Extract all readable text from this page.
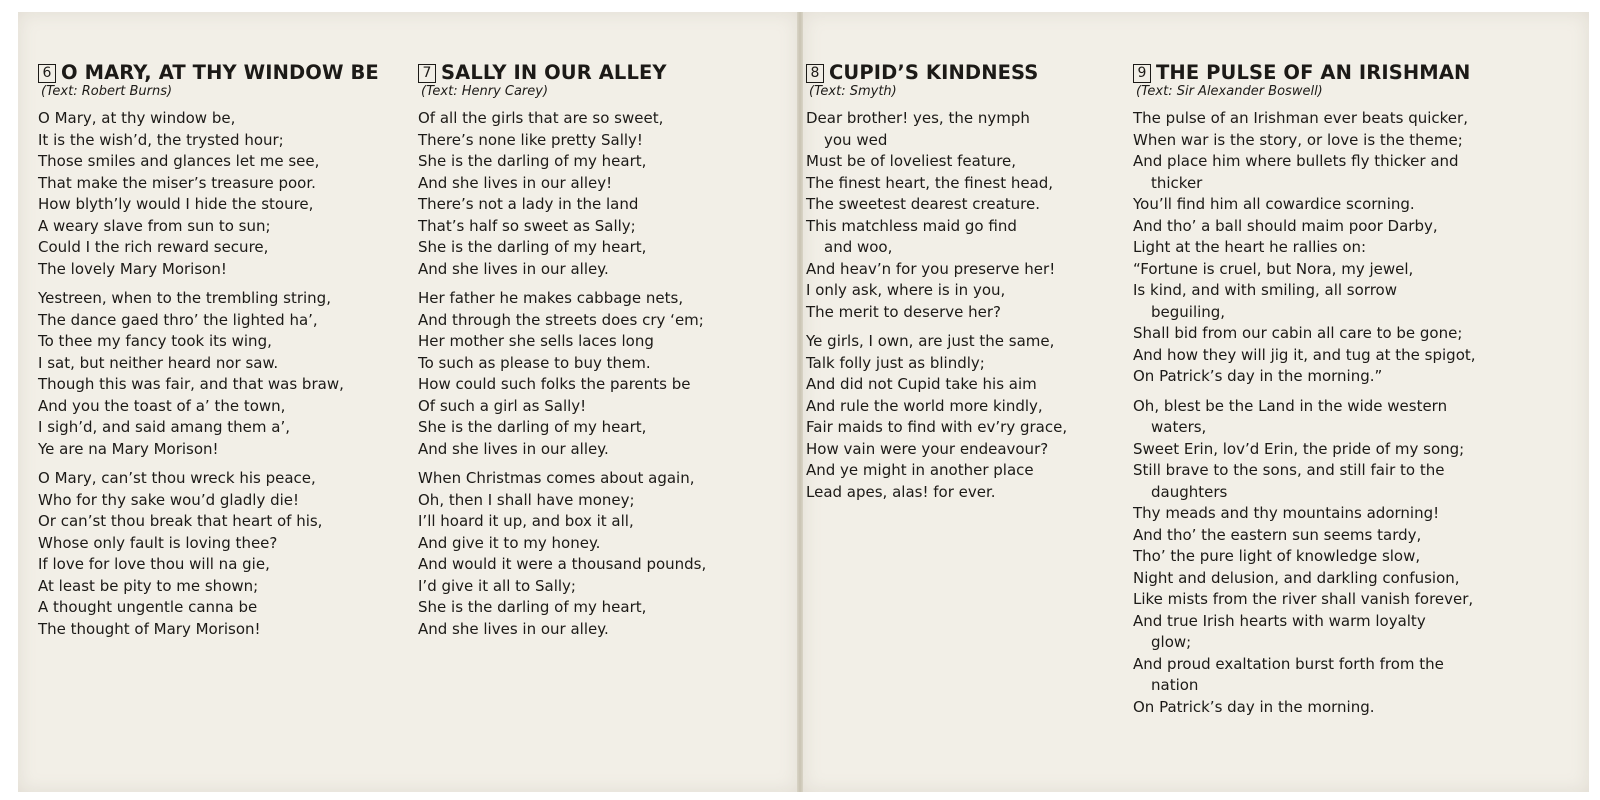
6 O MARY, AT THY WINDOW BE
(Text: Robert Burns)
O Mary, at thy window be,
It is the wish’d, the trysted hour;
Those smiles and glances let me see,
That make the miser’s treasure poor.
How blyth’ly would I hide the stoure,
A weary slave from sun to sun;
Could I the rich reward secure,
The lovely Mary Morison!
Yestreen, when to the trembling string,
The dance gaed thro’ the lighted ha’,
To thee my fancy took its wing,
I sat, but neither heard nor saw.
Though this was fair, and that was braw,
And you the toast of a’ the town,
I sigh’d, and said amang them a’,
Ye are na Mary Morison!
O Mary, can’st thou wreck his peace,
Who for thy sake wou’d gladly die!
Or can’st thou break that heart of his,
Whose only fault is loving thee?
If love for love thou will na gie,
At least be pity to me shown;
A thought ungentle canna be
The thought of Mary Morison!
7 SALLY IN OUR ALLEY
(Text: Henry Carey)
Of all the girls that are so sweet,
There’s none like pretty Sally!
She is the darling of my heart,
And she lives in our alley!
There’s not a lady in the land
That’s half so sweet as Sally;
She is the darling of my heart,
And she lives in our alley.
Her father he makes cabbage nets,
And through the streets does cry ‘em;
Her mother she sells laces long
To such as please to buy them.
How could such folks the parents be
Of such a girl as Sally!
She is the darling of my heart,
And she lives in our alley.
When Christmas comes about again,
Oh, then I shall have money;
I’ll hoard it up, and box it all,
And give it to my honey.
And would it were a thousand pounds,
I’d give it all to Sally;
She is the darling of my heart,
And she lives in our alley.
8 CUPID’S KINDNESS
(Text: Smyth)
Dear brother! yes, the nymph
you wed
Must be of loveliest feature,
The finest heart, the finest head,
The sweetest dearest creature.
This matchless maid go find
and woo,
And heav’n for you preserve her!
I only ask, where is in you,
The merit to deserve her?
Ye girls, I own, are just the same,
Talk folly just as blindly;
And did not Cupid take his aim
And rule the world more kindly,
Fair maids to find with ev’ry grace,
How vain were your endeavour?
And ye might in another place
Lead apes, alas! for ever.
9 THE PULSE OF AN IRISHMAN
(Text: Sir Alexander Boswell)
The pulse of an Irishman ever beats quicker,
When war is the story, or love is the theme;
And place him where bullets fly thicker and
thicker
You’ll find him all cowardice scorning.
And tho’ a ball should maim poor Darby,
Light at the heart he rallies on:
“Fortune is cruel, but Nora, my jewel,
Is kind, and with smiling, all sorrow
beguiling,
Shall bid from our cabin all care to be gone;
And how they will jig it, and tug at the spigot,
On Patrick’s day in the morning.”
Oh, blest be the Land in the wide western
waters,
Sweet Erin, lov’d Erin, the pride of my song;
Still brave to the sons, and still fair to the
daughters
Thy meads and thy mountains adorning!
And tho’ the eastern sun seems tardy,
Tho’ the pure light of knowledge slow,
Night and delusion, and darkling confusion,
Like mists from the river shall vanish forever,
And true Irish hearts with warm loyalty
glow;
And proud exaltation burst forth from the
nation
On Patrick’s day in the morning.
